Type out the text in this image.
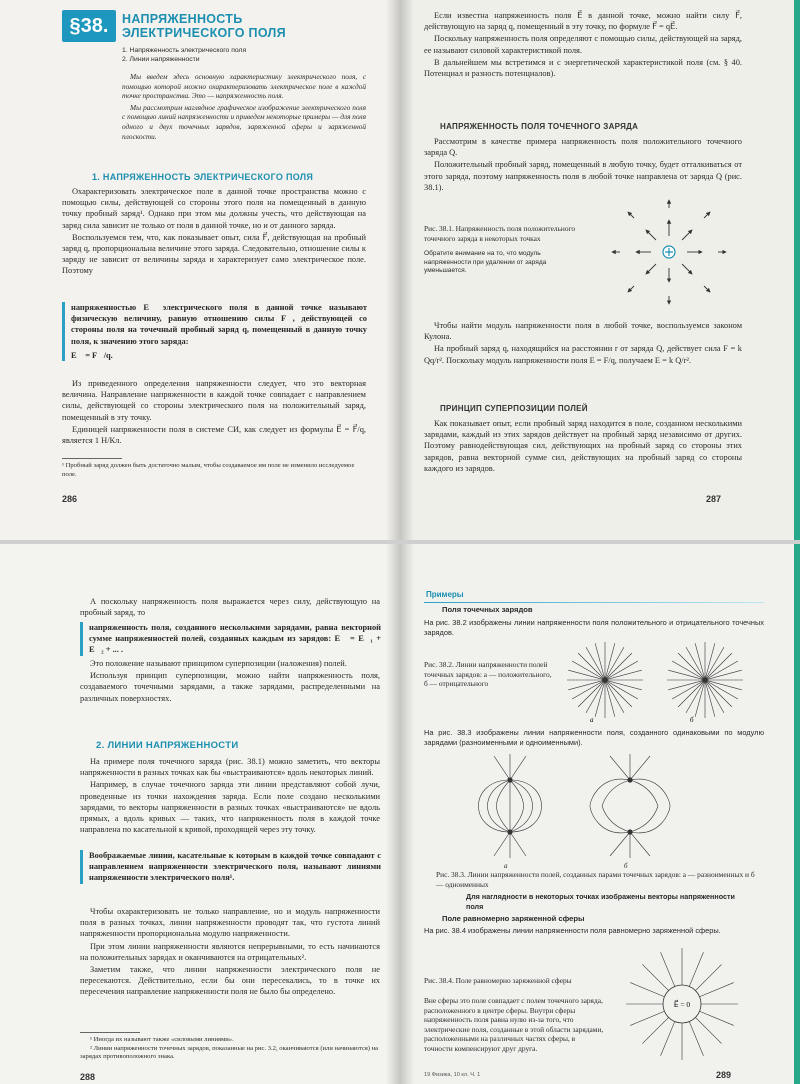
§38.	НАПРЯЖЕННОСТЬ
ЭЛЕКТРИЧЕСКОГО ПОЛЯ
1. Напряженность электрического поля
2. Линии напряженности

Мы введем здесь основную характеристику электрического поля, с помощью которой можно охарактеризовать электрическое поле в каждой точке пространства. Это — напряженность поля.

Мы рассмотрим наглядное графическое изображение электрического поля с помощью линий напряженности и приведем некоторые примеры — для поля одного и двух точечных зарядов, заряженной сферы и заряженной плоскости.

1. НАПРЯЖЕННОСТЬ ЭЛЕКТРИЧЕСКОГО ПОЛЯ

Охарактеризовать электрическое поле в данной точке пространства можно с помощью силы, действующей со стороны этого поля на помещенный в данную точку пробный заряд¹. Однако при этом мы должны учесть, что действующая на заряд сила зависит не только от поля в данной точке, но и от данного заряда.

Воспользуемся тем, что, как показывает опыт, сила F⃗, действующая на пробный заряд q, пропорциональна величине этого заряда. Следовательно, отношение силы к заряду не зависит от величины заряда и характеризует само электрическое поле. Поэтому

напряженностью E⃗ электрического поля в данной точке называют физическую величину, равную отношению силы F⃗, действующей со стороны поля на точечный пробный заряд q, помещенный в данную точку поля, к значению этого заряда:

E⃗ = F⃗/q.

Из приведенного определения напряженности следует, что это векторная величина. Направление напряженности в каждой точке совпадает с направлением силы, действующей со стороны электрического поля на положительный заряд, помещенный в эту точку.

Единицей напряженности поля в системе СИ, как следует из формулы E⃗ = F⃗/q, является 1 Н/Кл.

¹ Пробный заряд должен быть достаточно малым, чтобы создаваемое им поле не изменило исследуемое поле.
286

Если известна напряженность поля E⃗ в данной точке, можно найти силу F⃗, действующую на заряд q, помещенный в эту точку, по формуле F⃗ = qE⃗.

Поскольку напряженность поля определяют с помощью силы, действующей на заряд, ее называют силовой характеристикой поля.

В дальнейшем мы встретимся и с энергетической характеристикой поля (см. § 40. Потенциал и разность потенциалов).

НАПРЯЖЕННОСТЬ ПОЛЯ ТОЧЕЧНОГО ЗАРЯДА

Рассмотрим в качестве примера напряженность поля положительного точечного заряда Q.

Положительный пробный заряд, помещенный в любую точку, будет отталкиваться от этого заряда, поэтому напряженность поля в любой точке направлена от заряда Q (рис. 38.1).

Рис. 38.1. Напряженность поля положительного точечного заряда в некоторых точках

Обратите внимание на то, что модуль напряженности при удалении от заряда уменьшается.

Чтобы найти модуль напряженности поля в любой точке, воспользуемся законом Кулона.

На пробный заряд q, находящийся на расстоянии r от заряда Q, действует сила F = k Qq/r². Поскольку модуль напряженности поля E = F/q, получаем E = k Q/r².

ПРИНЦИП СУПЕРПОЗИЦИИ ПОЛЕЙ

Как показывает опыт, если пробный заряд находится в поле, созданном несколькими зарядами, каждый из этих зарядов действует на пробный заряд независимо от других. Поэтому равнодействующая сил, действующих на пробный заряд со стороны этих зарядов, равна векторной сумме сил, действующих на пробный заряд со стороны каждого из зарядов.

287

А поскольку напряженность поля выражается через силу, действующую на пробный заряд, то

напряженность поля, созданного несколькими зарядами, равна векторной сумме напряженностей полей, созданных каждым из зарядов: E⃗ = E⃗₁ + E⃗₂ + ... .

Это положение называют принципом суперпозиции (наложения) полей.

Используя принцип суперпозиции, можно найти напряженность поля, создаваемого точечными зарядами, а также зарядами, распределенными на различных поверхностях.

2. ЛИНИИ НАПРЯЖЕННОСТИ

На примере поля точечного заряда (рис. 38.1) можно заметить, что векторы напряженности в разных точках как бы «выстраиваются» вдоль некоторых линий.

Например, в случае точечного заряда эти линии представляют собой лучи, проведенные из точки нахождения заряда. Если поле создано несколькими зарядами, то векторы напряженности в разных точках «выстраиваются» не вдоль прямых, а вдоль кривых — таких, что напряженность поля в каждой точке направлена по касательной к кривой, проходящей через эту точку.

Воображаемые линии, касательные к которым в каждой точке совпадают с направлением напряженности электрического поля, называют линиями напряженности электрического поля¹.

Чтобы охарактеризовать не только направление, но и модуль напряженности поля в разных точках, линии напряженности проводят так, что густота линий напряженности пропорциональна модулю напряженности.

При этом линии напряженности являются непрерывными, то есть начинаются на положительных зарядах и оканчиваются на отрицательных².

Заметим также, что линии напряженности электрического поля не пересекаются. Действительно, если бы они пересекались, то в точке их пересечения направление напряженности поля не было бы определено.

¹ Иногда их называют также «силовыми линиями».

² Линии напряженности точечных зарядов, показанные на рис. 3.2, оканчиваются (или начинаются) на зарядах противоположного знака.

288
Примеры
Поля точечных зарядов
На рис. 38.2 изображены линии напряженности поля положительного и отрицательного точечных зарядов.
Рис. 38.2. Линии напряженности полей точечных зарядов: а — положительного, б — отрицательного
а	б
На рис. 38.3 изображены линии напряженности поля, созданного одинаковыми по модулю зарядами (разноименными и одноименными).
а	б
Рис. 38.3. Линии напряженности полей, созданных парами точечных зарядов: а — разноименных и б — одноименных
Для наглядности в некоторых точках изображены векторы напряженности поля
Поле равномерно заряженной сферы
На рис. 38.4 изображены линии напряженности поля равномерно заряженной сферы.
Рис. 38.4. Поле равномерно заряженной сферы
Вне сферы это поле совпадает с полем точечного заряда, расположенного в центре сферы. Внутри сферы напряженность поля равна нулю из-за того, что электрические поля, созданные в этой области зарядами, расположенными на различных частях сферы, в точности компенсируют друг друга.
E⃗ = 0
19 Физика, 10 кл. Ч. 1	289
